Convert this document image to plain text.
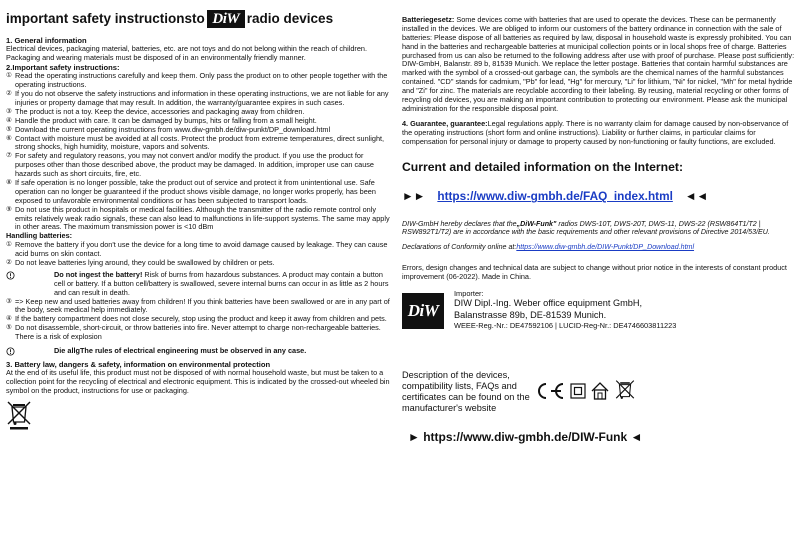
important safety instructionsto DiW radio devices
1. General information

Electrical devices, packaging material, batteries, etc. are not toys and do not belong within the reach of children. Packaging and wearing materials must be disposed of in an environmentally friendly manner.

2.Important safety instructions:
① Read the operating instructions carefully and keep them. Only pass the product on to other people together with the operating instructions.
② If you do not observe the safety instructions and information in these operating instructions, we are not liable for any injuries or property damage that may result. In addition, the warranty/guarantee expires in such cases.
③ The product is not a toy. Keep the device, accessories and packaging away from children.
④ Handle the product with care. It can be damaged by bumps, hits or falling from a small height.
⑤ Download the current operating instructions from www.diw-gmbh.de/diw-punkt/DP_download.html
⑥ Contact with moisture must be avoided at all costs. Protect the product from extreme temperatures, direct sunlight, strong shocks, high humidity, moisture, vapors and solvents.
⑦ For safety and regulatory reasons, you may not convert and/or modify the product. If you use the product for purposes other than those described above, the product may be damaged. In addition, improper use can cause hazards such as short circuits, fire, etc.
⑧ If safe operation is no longer possible, take the product out of service and protect it from unintentional use. Safe operation can no longer be guaranteed if the product shows visible damage, no longer works properly, has been exposed to unfavorable environmental conditions or has been subjected to transport loads.
⑨ Do not use this product in hospitals or medical facilities. Although the transmitter of the radio remote control only emits relatively weak radio signals, these can also lead to malfunctions in life-support systems. The same may apply in other areas. The maximum transmission power is <10 dBm

Handling batteries:

① Remove the battery if you don't use the device for a long time to avoid damage caused by leakage. They can cause acid burns on skin contact.
② Do not leave batteries lying around, they could be swallowed by children or pets.

Do not ingest the battery! Risk of burns from hazardous substances. A product may contain a button cell or battery. If a button cell/battery is swallowed, severe internal burns can occur in as little as 2 hours and can result in death.

③ => Keep new and used batteries away from children! If you think batteries have been swallowed or are in any part of the body, seek medical help immediately.
④ If the battery compartment does not close securely, stop using the product and keep it away from children and pets.
⑤ Do not disassemble, short-circuit, or throw batteries into fire. Never attempt to charge non-rechargeable batteries. There is a risk of explosion

Die allgThe rules of electrical engineering must be observed in any case.

3. Battery law, dangers & safety, information on environmental protection

At the end of its useful life, this product must not be disposed of with normal household waste, but must be taken to a collection point for the recycling of electrical and electronic equipment. This is indicated by the crossed-out wheeled bin symbol on the product, instructions for use or packaging.

Batteriegesetz: Some devices come with batteries that are used to operate the devices. These can be permanently installed in the devices. We are obliged to inform our customers of the battery ordinance in connection with the sale of batteries: Please dispose of all batteries as required by law, disposal in household waste is expressly prohibited. You can hand in the batteries and rechargeable batteries at municipal collection points or in local shops free of charge. Batteries purchased from us can also be returned to the following address after use with proof of purchase. Please post sufficiently: DIW-GmbH, Balanstr. 89 b, 81539 Munich. We replace the letter postage. Batteries that contain harmful substances are marked with the symbol of a crossed-out garbage can, the symbols are the chemical names of the harmful substances contained. "CD" stands for cadmium, "Pb" for lead, "Hg" for mercury, "Li" for lithium, "Ni" for nickel, "Mh" for metal hydride and "Zi" for zinc. The materials are recyclable according to their labeling. By reusing, material recycling or other forms of recycling old devices, you are making an important contribution to protecting our environment. Please ask the municipal administration for the responsible disposal point.

4. Guarantee, guarantee:Legal regulations apply. There is no warranty claim for damage caused by non-observance of the operating instructions (short form and online instructions). Liability or further claims, in particular claims for compensation for personal injury or damage to property caused by non-functioning or faulty functions, are excluded.

Current and detailed information on the Internet:
►► https://www.diw-gmbh.de/FAQ_index.html ◄◄

DIW-GmbH hereby declares that the„DiW-Funk" radios DWS-10T, DWS-20T, DWS-11, DWS-22 (RSW864T1/T2 | RSW892T1/T2) are in accordance with the basic requirements and other relevant provisions of Directive 2014/53/EU.

Declarations of Conformity online at:https://www.diw-gmbh.de/DIW-Punkt/DP_Download.html

Errors, design changes and technical data are subject to change without prior notice in the interests of constant product improvement (06-2022). Made in China.

DiW
Importer:
DIW Dipl.-Ing. Weber office equipment GmbH,
Balanstrasse 89b, DE-81539 Munich.
WEEE-Reg.-Nr.: DE47592106 | LUCID-Reg-Nr.: DE4746603811223
Description of the devices, compatibility lists, FAQs and certificates can be found on the manufacturer's website
► https://www.diw-gmbh.de/DIW-Funk ◄
